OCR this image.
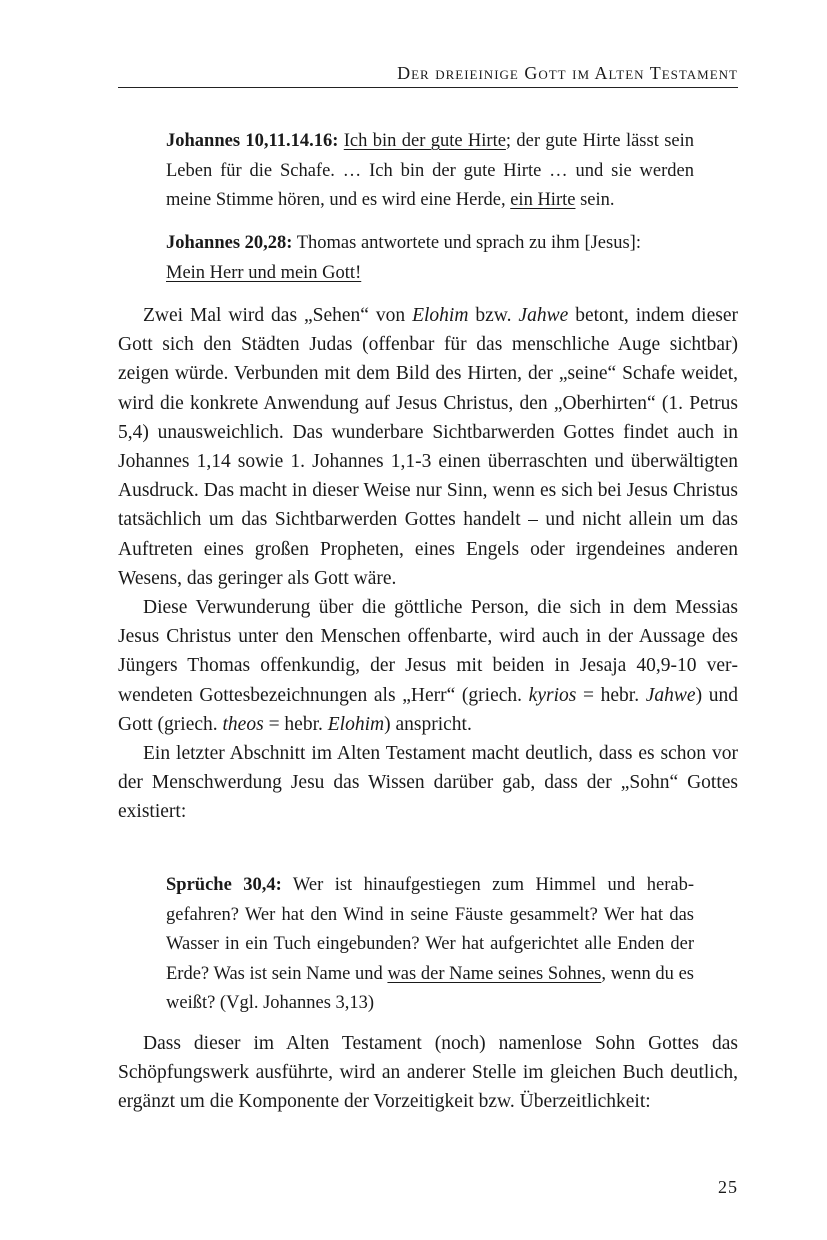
Der dreieinige Gott im Alten Testament
Johannes 10,11.14.16: Ich bin der gute Hirte; der gute Hirte lässt sein Leben für die Schafe. … Ich bin der gute Hirte … und sie werden meine Stimme hören, und es wird eine Herde, ein Hirte sein.
Johannes 20,28: Thomas antwortete und sprach zu ihm [Jesus]:
Mein Herr und mein Gott!

Zwei Mal wird das „Sehen“ von Elohim bzw. Jahwe betont, indem dieser Gott sich den Städten Judas (offenbar für das menschliche Auge sichtbar) zeigen würde. Verbunden mit dem Bild des Hirten, der „seine“ Schafe weidet, wird die konkrete Anwendung auf Jesus Christus, den „Oberhirten“ (1. Petrus 5,4) unausweichlich. Das wunderbare Sichtbarwerden Gottes findet auch in Johannes 1,14 sowie 1. Johannes 1,1-3 einen überraschten und überwältigten Ausdruck. Das macht in dieser Weise nur Sinn, wenn es sich bei Jesus Christus tatsächlich um das Sichtbarwerden Gottes handelt – und nicht allein um das Auftreten eines großen Propheten, eines Engels oder irgendeines anderen Wesens, das geringer als Gott wäre.

Diese Verwunderung über die göttliche Person, die sich in dem Messias Jesus Christus unter den Menschen offenbarte, wird auch in der Aussage des Jüngers Thomas offenkundig, der Jesus mit beiden in Jesaja 40,9-10 verwendeten Gottesbezeichnungen als „Herr“ (griech. kyrios = hebr. Jahwe) und Gott (griech. theos = hebr. Elohim) anspricht.

Ein letzter Abschnitt im Alten Testament macht deutlich, dass es schon vor der Menschwerdung Jesu das Wissen darüber gab, dass der „Sohn“ Gottes existiert:

Sprüche 30,4: Wer ist hinaufgestiegen zum Himmel und herabgefahren? Wer hat den Wind in seine Fäuste gesammelt? Wer hat das Wasser in ein Tuch eingebunden? Wer hat aufgerichtet alle Enden der Erde? Was ist sein Name und was der Name seines Sohnes, wenn du es weißt? (Vgl. Johannes 3,13)

Dass dieser im Alten Testament (noch) namenlose Sohn Gottes das Schöpfungswerk ausführte, wird an anderer Stelle im gleichen Buch deutlich, ergänzt um die Komponente der Vorzeitigkeit bzw. Überzeitlichkeit:

25
